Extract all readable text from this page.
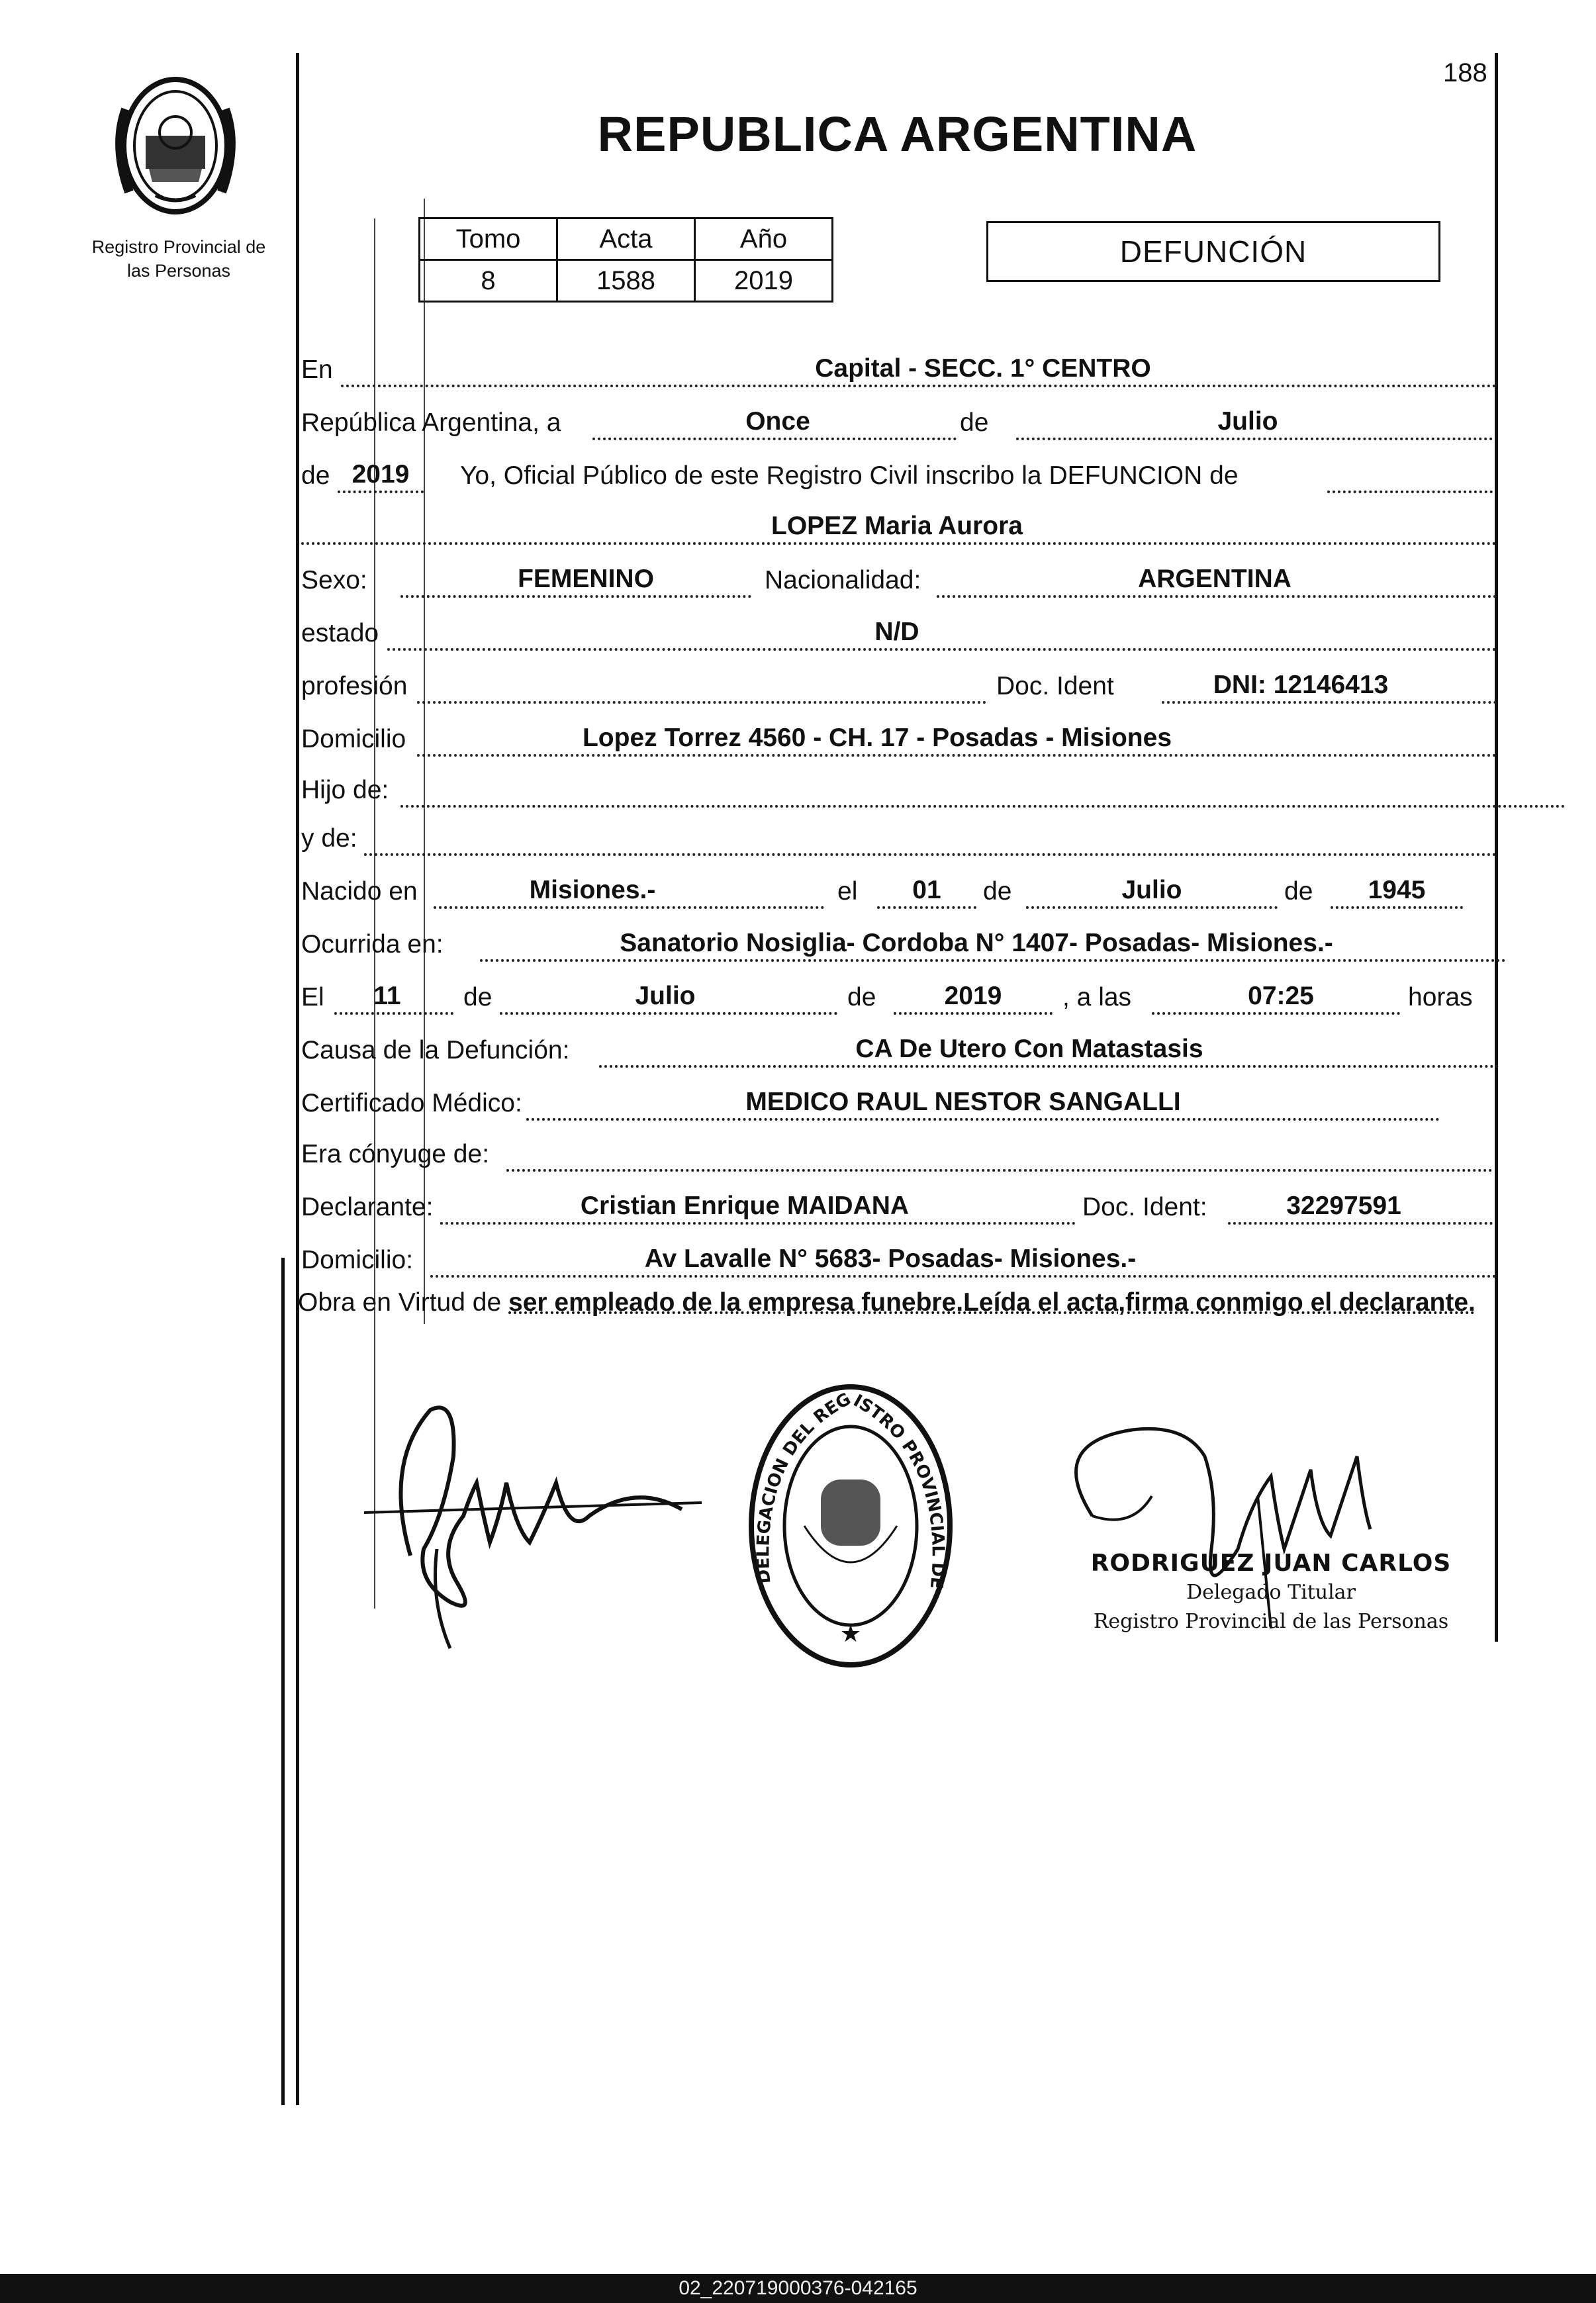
188
Registro Provincial de
las Personas
REPUBLICA ARGENTINA
Tomo	Acta	Año
8	1588	2019
DEFUNCIÓN
En	Capital - SECC. 1° CENTRO
República Argentina, a	Once	de	Julio
de 2019	Yo, Oficial Público de este Registro Civil inscribo la DEFUNCION de
LOPEZ Maria Aurora
Sexo:	FEMENINO	Nacionalidad:	ARGENTINA
estado	N/D
profesión	Doc. Ident	DNI: 12146413
Domicilio	Lopez Torrez 4560 - CH. 17 - Posadas - Misiones
Hijo de:
y de:
Nacido en	Misiones.-	el	01	de	Julio	de	1945
Ocurrida en:	Sanatorio Nosiglia- Cordoba N° 1407- Posadas- Misiones.-
El	11	de	Julio	de	2019	, a las	07:25	horas
Causa de la Defunción:	CA De Utero Con Matastasis
Certificado Médico:	MEDICO RAUL NESTOR SANGALLI
Era cónyuge de:
Declarante:	Cristian Enrique MAIDANA	Doc. Ident:	32297591
Domicilio:	Av Lavalle N° 5683- Posadas- Misiones.-
Obra en Virtud de ser empleado de la empresa funebre.Leída el acta,firma conmigo el declarante.
DELEGACION DEL REGISTRO PROVINCIAL DE
★
RODRIGUEZ JUAN CARLOS
Delegado Titular
Registro Provincial de las Personas
02_220719000376-042165
